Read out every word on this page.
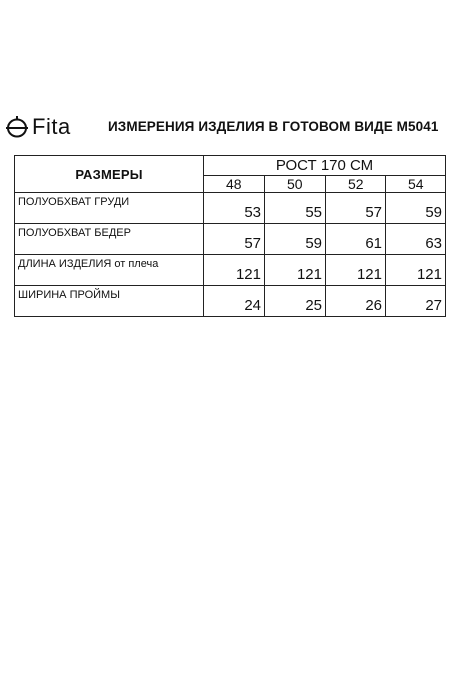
Fita	ИЗМЕРЕНИЯ ИЗДЕЛИЯ В ГОТОВОМ ВИДЕ М5041
РАЗМЕРЫ	РОСТ 170 СМ			
	48	50	52	54
ПОЛУОБХВАТ ГРУДИ	53	55	57	59
ПОЛУОБХВАТ БЕДЕР	57	59	61	63
ДЛИНА ИЗДЕЛИЯ от плеча	121	121	121	121
ШИРИНА ПРОЙМЫ	24	25	26	27
